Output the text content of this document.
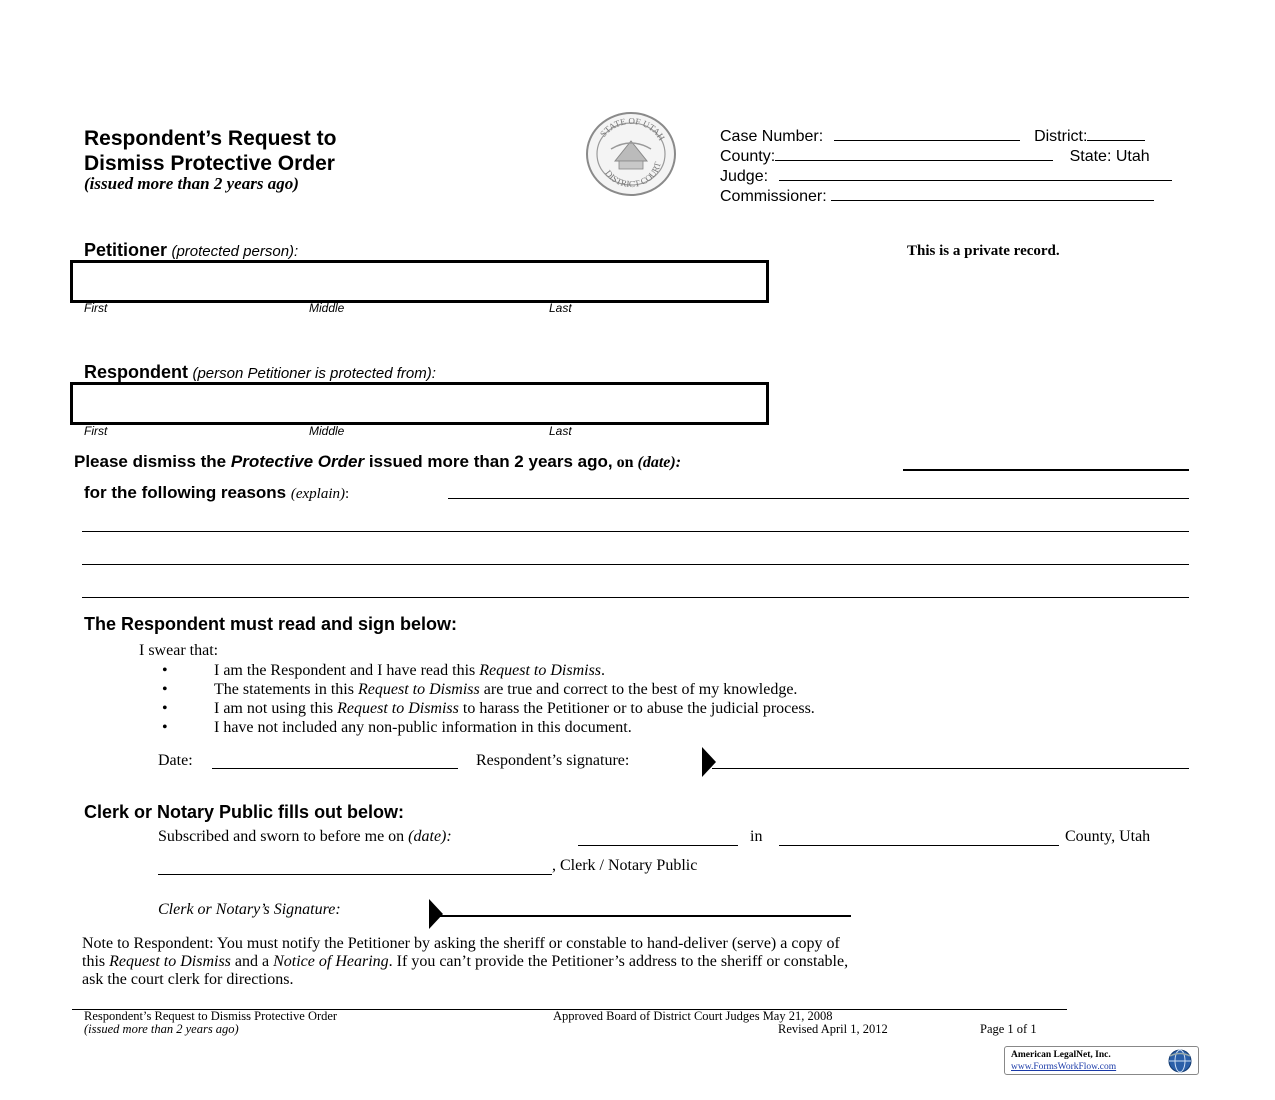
Respondent’s Request to
Dismiss Protective Order
(issued more than 2 years ago)
STATE OF UTAH
DISTRICT COURT
Case Number:	District:
County:	State: Utah
Judge:
Commissioner:
This is a private record.
Petitioner (protected person):
First	Middle	Last
Respondent (person Petitioner is protected from):
First	Middle	Last
Please dismiss the Protective Order issued more than 2 years ago, on (date):
for the following reasons (explain):
The Respondent must read and sign below:
I swear that:
• I am the Respondent and I have read this Request to Dismiss.
• The statements in this Request to Dismiss are true and correct to the best of my knowledge.
• I am not using this Request to Dismiss to harass the Petitioner or to abuse the judicial process.
• I have not included any non-public information in this document.
Date:	Respondent’s signature:
Clerk or Notary Public fills out below:
Subscribed and sworn to before me on (date):	in	County, Utah
, Clerk / Notary Public
Clerk or Notary’s Signature:
Note to Respondent: You must notify the Petitioner by asking the sheriff or constable to hand-deliver (serve) a copy of
this Request to Dismiss and a Notice of Hearing. If you can’t provide the Petitioner’s address to the sheriff or constable,
ask the court clerk for directions.
Respondent’s Request to Dismiss Protective Order
(issued more than 2 years ago)
Approved Board of District Court Judges May 21, 2008
Revised April 1, 2012	Page 1 of 1
American LegalNet, Inc.
www.FormsWorkFlow.com
